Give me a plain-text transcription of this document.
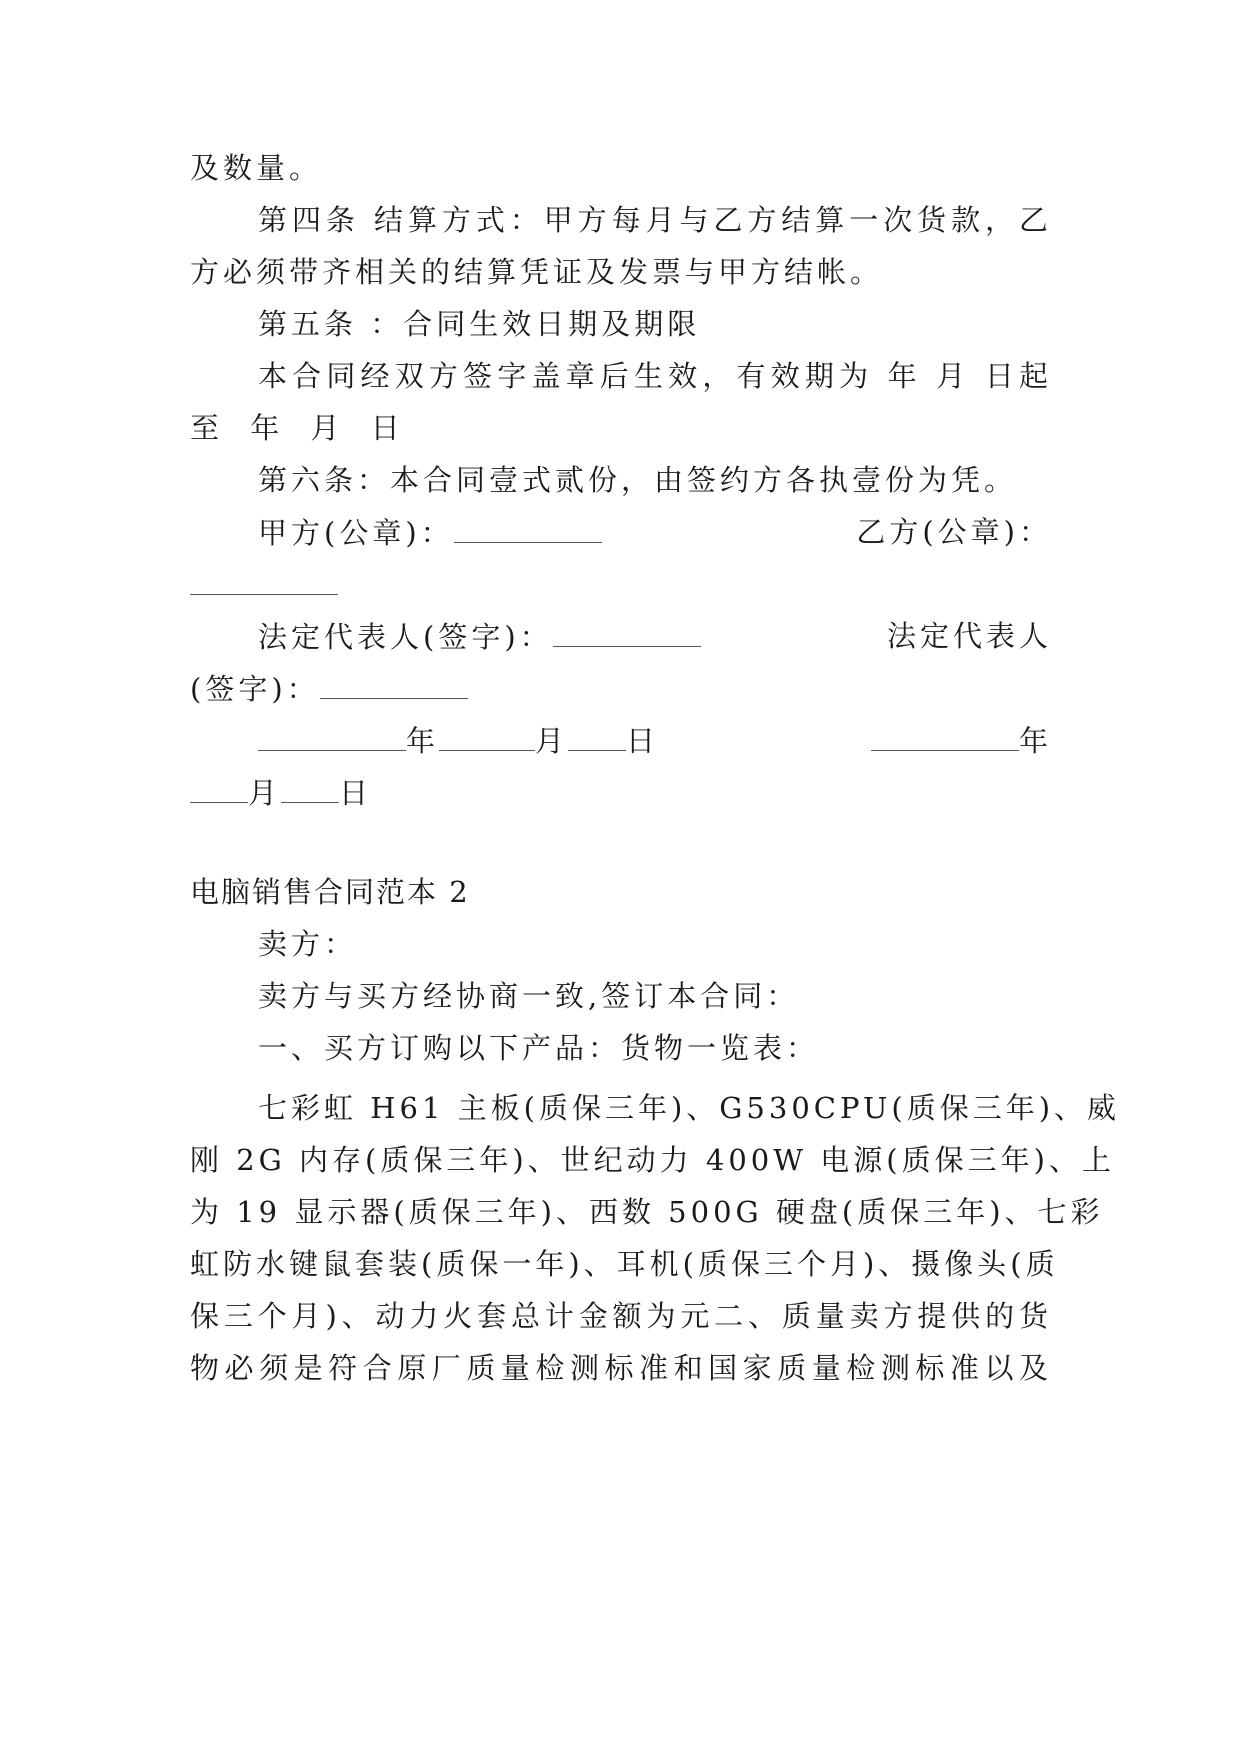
及数量。
第四条 结算方式：甲方每月与乙方结算一次货款，乙
方必须带齐相关的结算凭证及发票与甲方结帐。
第五条 ：合同生效日期及期限
本合同经双方签字盖章后生效，有效期为 年 月 日起
至 年 月 日
第六条：本合同壹式贰份，由签约方各执壹份为凭。
甲方(公章)：	乙方(公章)：
法定代表人(签字)：	法定代表人
(签字)：
年	月 日	年
月 日
电脑销售合同范本 2
卖方：
卖方与买方经协商一致,签订本合同：
一、买方订购以下产品：货物一览表：
七彩虹 H61 主板(质保三年)、G530CPU(质保三年)、威
刚 2G 内存(质保三年)、世纪动力 400W 电源(质保三年)、上
为 19 显示器(质保三年)、西数 500G 硬盘(质保三年)、七彩
虹防水键鼠套装(质保一年)、耳机(质保三个月)、摄像头(质
保三个月)、动力火套总计金额为元二、质量卖方提供的货
物必须是符合原厂质量检测标准和国家质量检测标准以及
